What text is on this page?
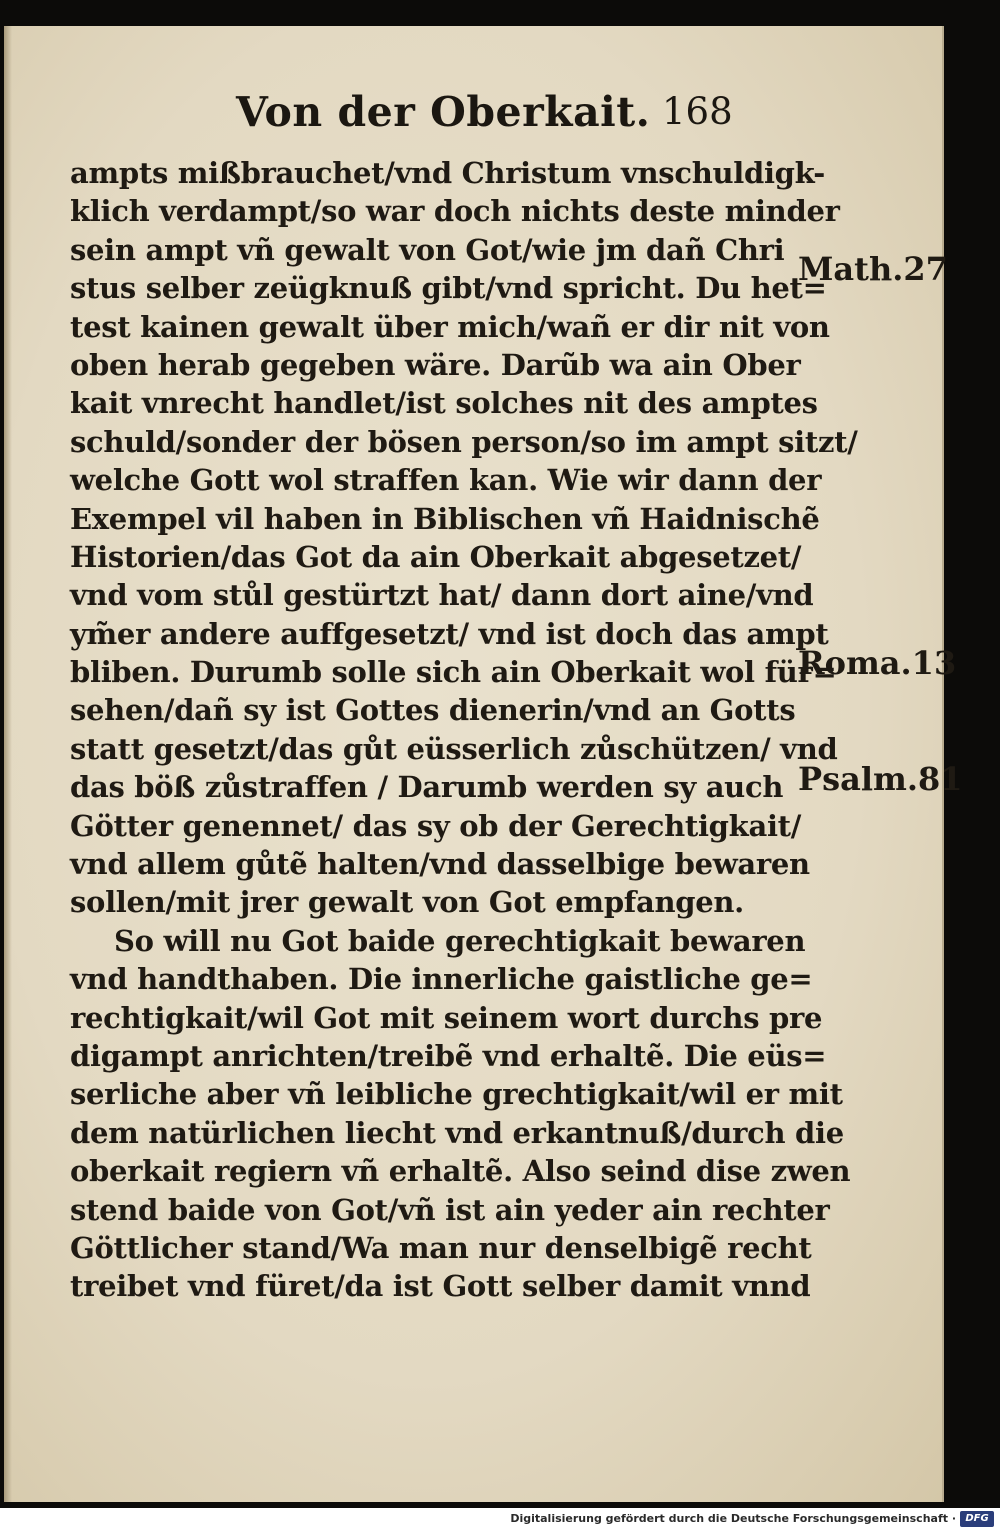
Von der Oberkait. 168
ampts mißbrauchet/vnd Christum vnschuldigk-
klich verdampt/so war doch nichts deste minder
sein ampt vñ gewalt von Got/wie jm dañ Chri
stus selber zeügknuß gibt/vnd spricht. Du het=
test kainen gewalt über mich/wañ er dir nit von
oben herab gegeben wäre. Darũb wa ain Ober
kait vnrecht handlet/ist solches nit des amptes
schuld/sonder der bösen person/so im ampt sitzt/
welche Gott wol straffen kan. Wie wir dann der
Exempel vil haben in Biblischen vñ Haidnischẽ
Historien/das Got da ain Oberkait abgesetzet/
vnd vom stůl gestürtzt hat/ dann dort aine/vnd
ym̃er andere auffgesetzt/ vnd ist doch das ampt
bliben. Durumb solle sich ain Oberkait wol für=
sehen/dañ sy ist Gottes dienerin/vnd an Gotts
statt gesetzt/das gůt eüsserlich zůschützen/ vnd
das böß zůstraffen / Darumb werden sy auch
Götter genennet/ das sy ob der Gerechtigkait/
vnd allem gůtẽ halten/vnd dasselbige bewaren
sollen/mit jrer gewalt von Got empfangen.
So will nu Got baide gerechtigkait bewaren
vnd handthaben. Die innerliche gaistliche ge=
rechtigkait/wil Got mit seinem wort durchs pre
digampt anrichten/treibẽ vnd erhaltẽ. Die eüs=
serliche aber vñ leibliche grechtigkait/wil er mit
dem natürlichen liecht vnd erkantnuß/durch die
oberkait regiern vñ erhaltẽ. Also seind dise zwen
stend baide von Got/vñ ist ain yeder ain rechter
Göttlicher stand/Wa man nur denselbigẽ recht
treibet vnd füret/da ist Gott selber damit vnnd
Math.27
Roma.13
Psalm.81
Digitalisierung gefördert durch die Deutsche Forschungsgemeinschaft · DFG
